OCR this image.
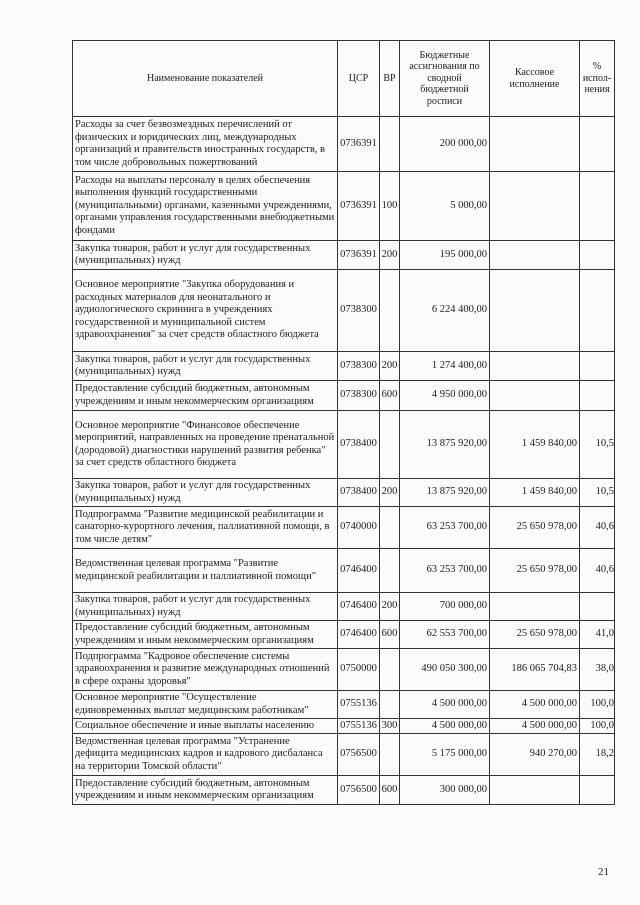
Наименование показателей	ЦСР	ВР	Бюджетные ассигнования по сводной бюджетной росписи	Кассовое исполнение	% испол-нения
Расходы за счет безвозмездных перечислений от физических и юридических лиц, международных организаций и правительств иностранных государств, в том числе добровольных пожертвований	0736391		200 000,00		
Расходы на выплаты персоналу в целях обеспечения выполнения функций государственными (муниципальными) органами, казенными учреждениями, органами управления государственными внебюджетными фондами	0736391	100	5 000,00		
Закупка товаров, работ и услуг для государственных (муниципальных) нужд	0736391	200	195 000,00		
Основное мероприятие "Закупка оборудования и расходных материалов для неонатального и аудиологического скрининга в учреждениях государственной и муниципальной систем здравоохранения" за счет средств областного бюджета	0738300		6 224 400,00		
Закупка товаров, работ и услуг для государственных (муниципальных) нужд	0738300	200	1 274 400,00		
Предоставление субсидий бюджетным, автономным учреждениям и иным некоммерческим организациям	0738300	600	4 950 000,00		
Основное мероприятие "Финансовое обеспечение мероприятий, направленных на проведение пренатальной (дородовой) диагностики нарушений развития ребенка" за счет средств областного бюджета	0738400		13 875 920,00	1 459 840,00	10,5
Закупка товаров, работ и услуг для государственных (муниципальных) нужд	0738400	200	13 875 920,00	1 459 840,00	10,5
Подпрограмма "Развитие медицинской реабилитации и санаторно-курортного лечения, паллиативной помощи, в том числе детям"	0740000		63 253 700,00	25 650 978,00	40,6
Ведомственная целевая программа "Развитие медицинской реабилитации и паллиативной помощи"	0746400		63 253 700,00	25 650 978,00	40,6
Закупка товаров, работ и услуг для государственных (муниципальных) нужд	0746400	200	700 000,00		
Предоставление субсидий бюджетным, автономным учреждениям и иным некоммерческим организациям	0746400	600	62 553 700,00	25 650 978,00	41,0
Подпрограмма "Кадровое обеспечение системы здравоохранения и развитие международных отношений в сфере охраны здоровья"	0750000		490 050 300,00	186 065 704,83	38,0
Основное мероприятие "Осуществление единовременных выплат медицинским работникам"	0755136		4 500 000,00	4 500 000,00	100,0
Социальное обеспечение и иные выплаты населению	0755136	300	4 500 000,00	4 500 000,00	100,0
Ведомственная целевая программа "Устранение дефицита медицинских кадров и кадрового дисбаланса на территории Томской области"	0756500		5 175 000,00	940 270,00	18,2
Предоставление субсидий бюджетным, автономным учреждениям и иным некоммерческим организациям	0756500	600	300 000,00		
21
